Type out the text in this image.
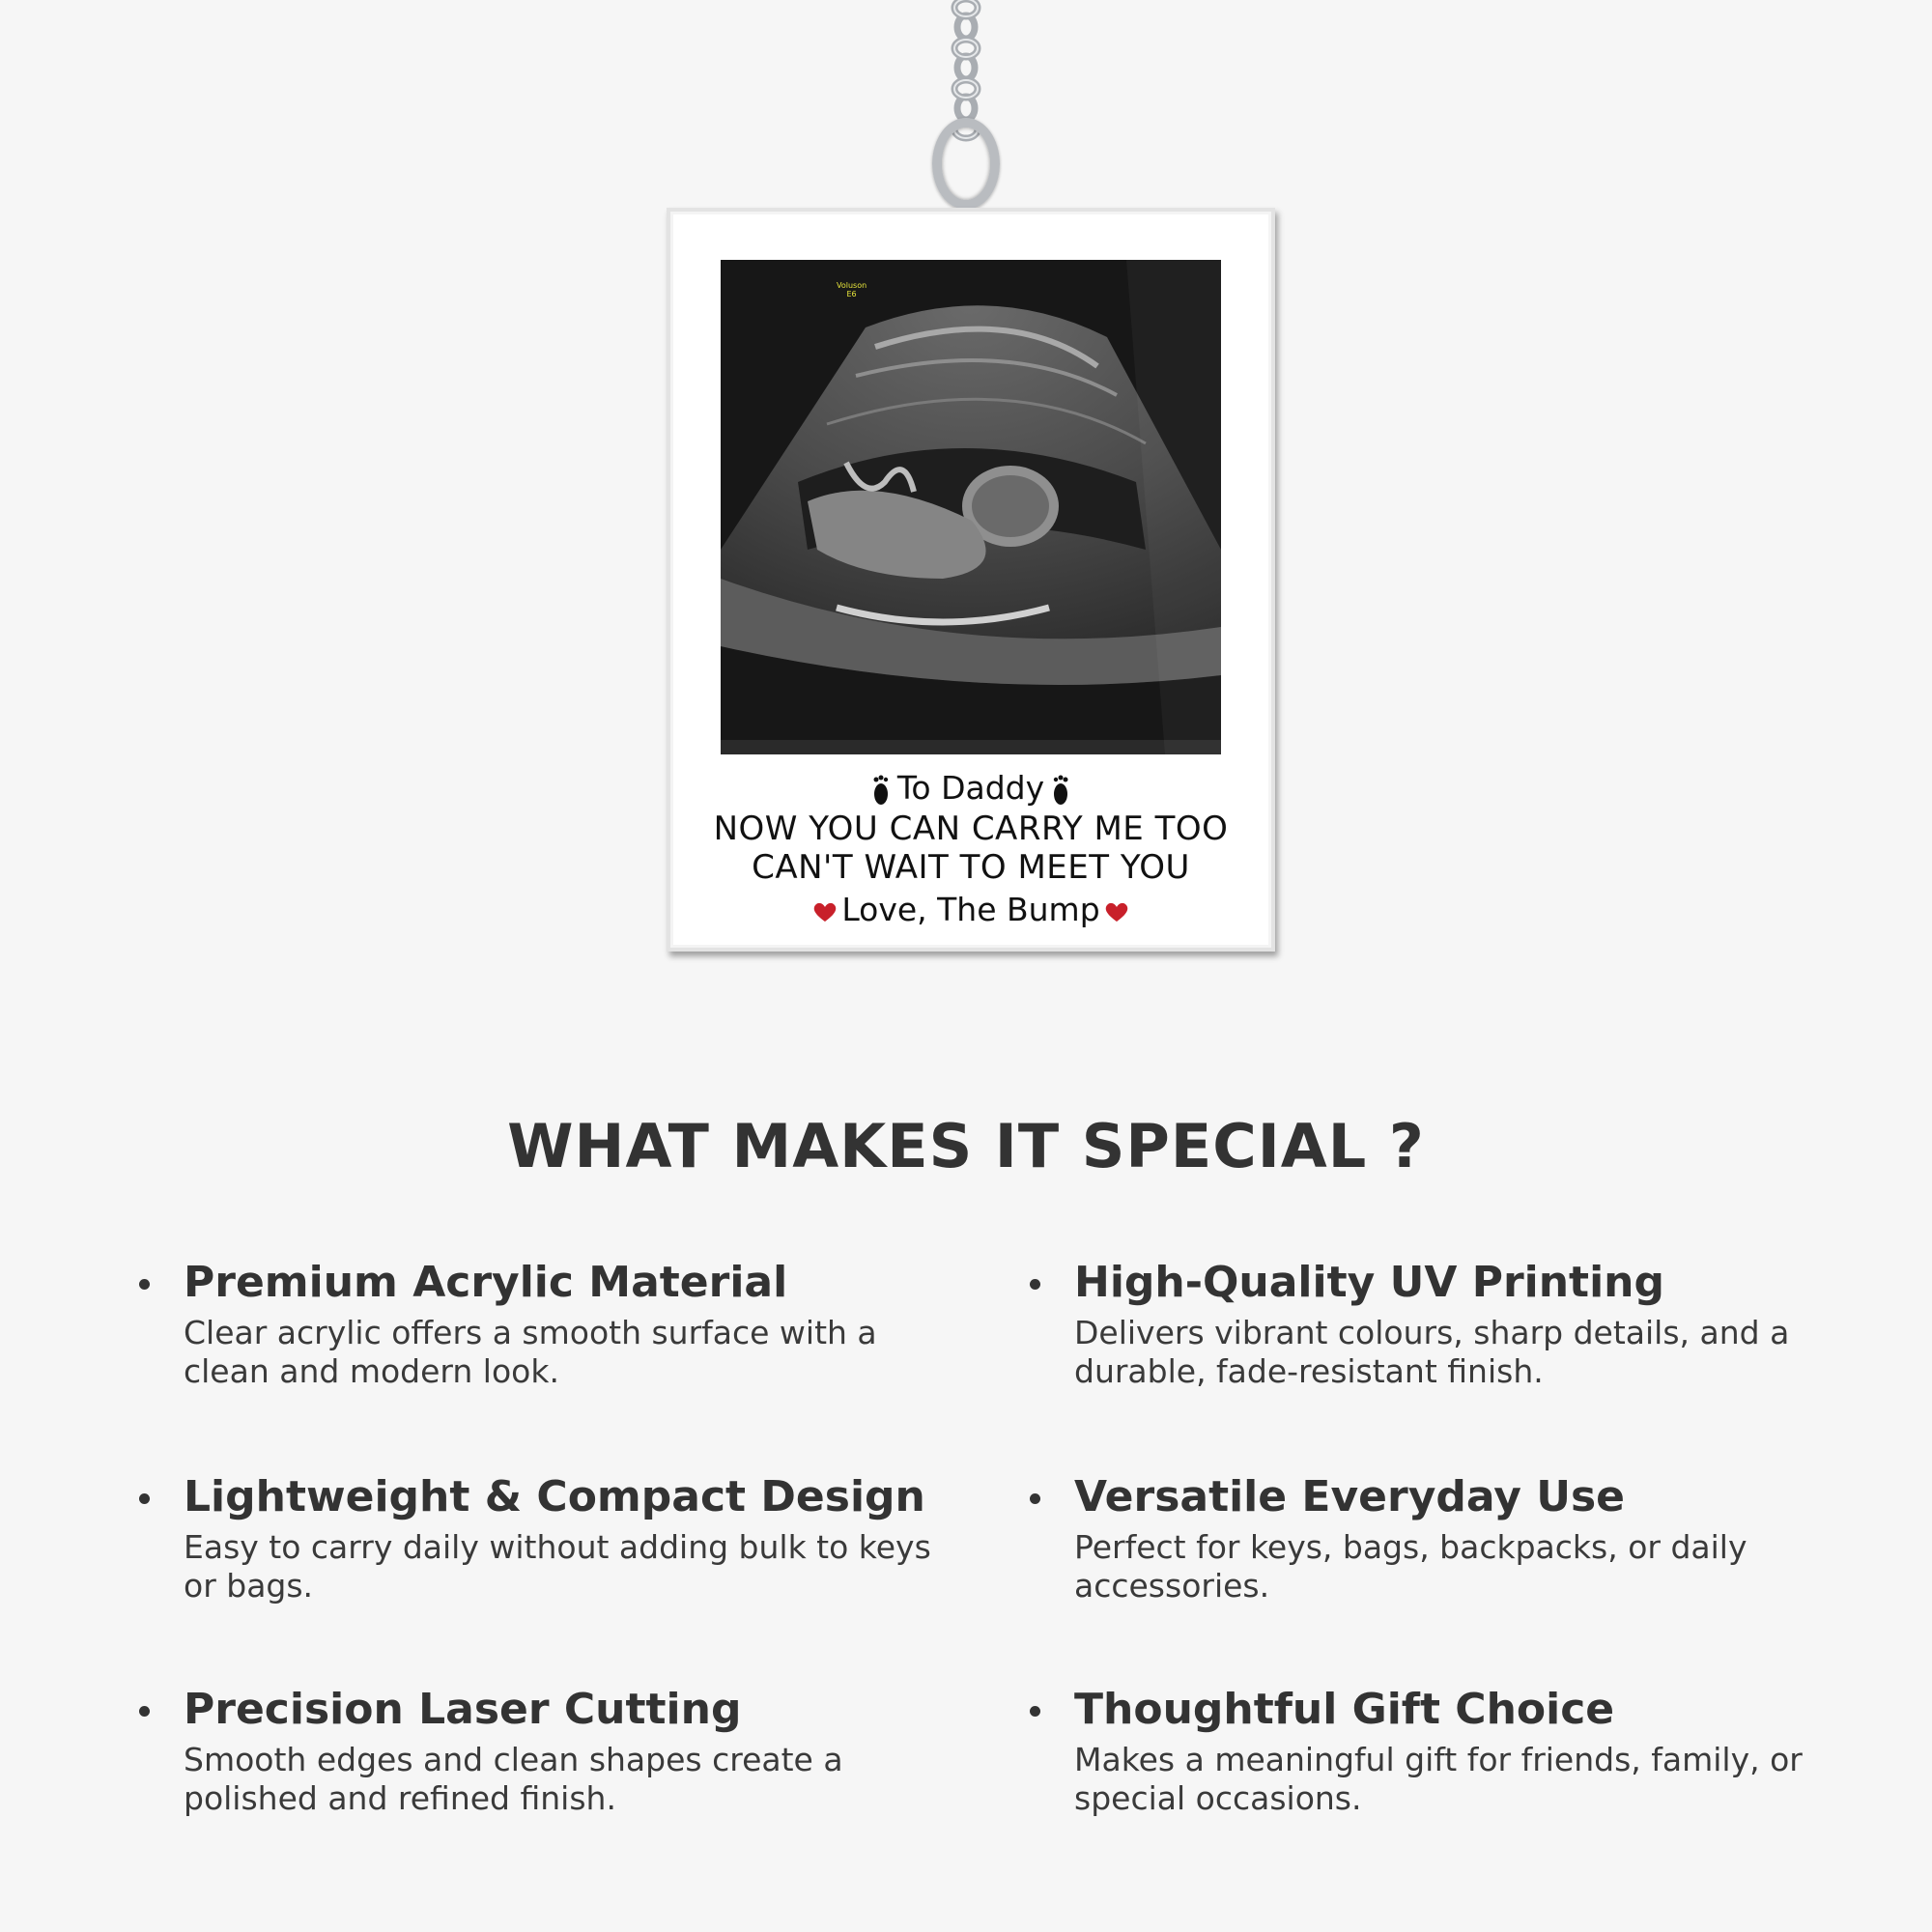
Voluson
E6
To Daddy
NOW YOU CAN CARRY ME TOO
CAN'T WAIT TO MEET YOU
Love, The Bump
WHAT MAKES IT SPECIAL ?
Premium Acrylic Material

Clear acrylic offers a smooth surface with a clean and modern look.

High-Quality UV Printing

Delivers vibrant colours, sharp details, and a durable, fade-resistant finish.

Lightweight & Compact Design

Easy to carry daily without adding bulk to keys or bags.

Versatile Everyday Use

Perfect for keys, bags, backpacks, or daily accessories.

Precision Laser Cutting

Smooth edges and clean shapes create a polished and refined finish.

Thoughtful Gift Choice

Makes a meaningful gift for friends, family, or special occasions.
